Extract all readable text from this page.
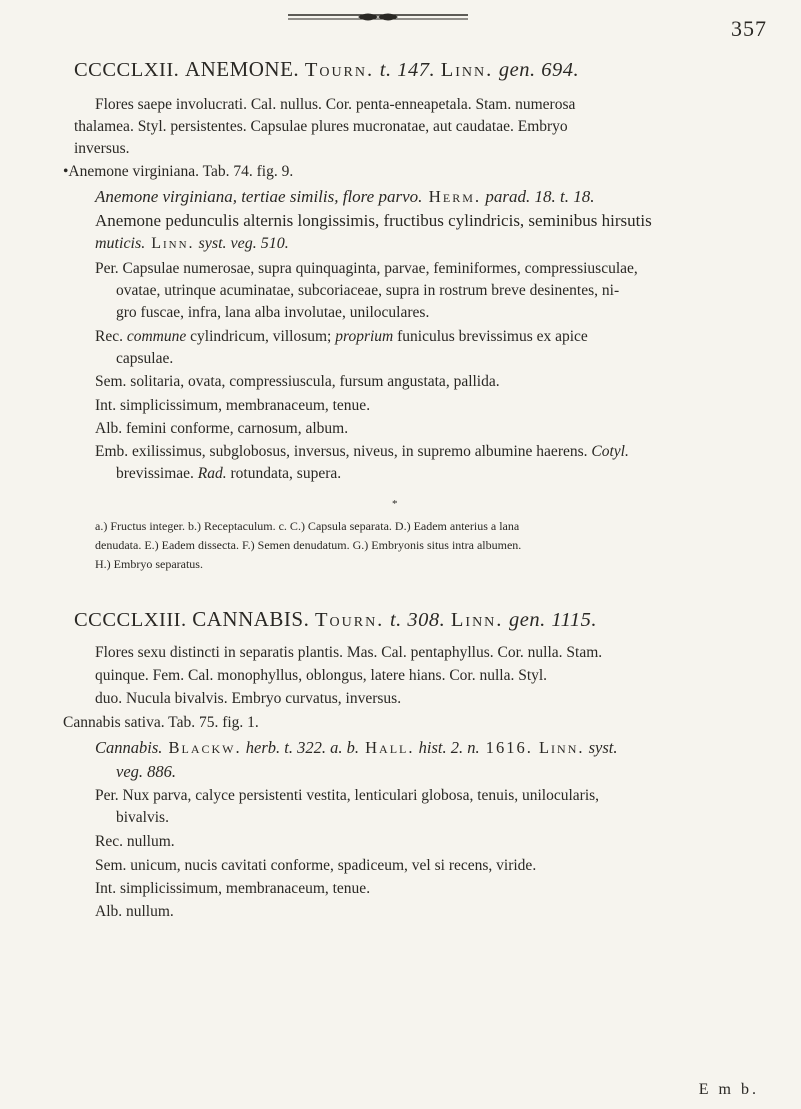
357
CCCCLXII. ANEMONE. Tourn. t. 147. Linn. gen. 694.
Flores saepe involucrati. Cal. nullus. Cor. penta-enneapetala. Stam. numerosa
thalamea. Styl. persistentes. Capsulae plures mucronatae, aut caudatae. Embryo
inversus.
•Anemone virginiana. Tab. 74. fig. 9.
Anemone virginiana, tertiae similis, flore parvo. Herm. parad. 18. t. 18.
Anemone pedunculis alternis longissimis, fructibus cylindricis, seminibus hirsutis
muticis. Linn. syst. veg. 510.
Per. Capsulae numerosae, supra quinquaginta, parvae, feminiformes, compressiusculae,
ovatae, utrinque acuminatae, subcoriaceae, supra in rostrum breve desinentes, ni-
gro fuscae, infra, lana alba involutae, uniloculares.
Rec. commune cylindricum, villosum; proprium funiculus brevissimus ex apice
capsulae.
Sem. solitaria, ovata, compressiuscula, fursum angustata, pallida.
Int. simplicissimum, membranaceum, tenue.
Alb. femini conforme, carnosum, album.
Emb. exilissimus, subglobosus, inversus, niveus, in supremo albumine haerens. Cotyl.
brevissimae. Rad. rotundata, supera.
*
a.) Fructus integer. b.) Receptaculum. c. C.) Capsula separata. D.) Eadem anterius a lana
denudata. E.) Eadem dissecta. F.) Semen denudatum. G.) Embryonis situs intra albumen.
H.) Embryo separatus.
CCCCLXIII. CANNABIS. Tourn. t. 308. Linn. gen. 1115.
Flores sexu distincti in separatis plantis. Mas. Cal. pentaphyllus. Cor. nulla. Stam.
quinque. Fem. Cal. monophyllus, oblongus, latere hians. Cor. nulla. Styl.
duo. Nucula bivalvis. Embryo curvatus, inversus.
Cannabis sativa. Tab. 75. fig. 1.
Cannabis. Blackw. herb. t. 322. a. b. Hall. hist. 2. n. 1616. Linn. syst.
veg. 886.
Per. Nux parva, calyce persistenti vestita, lenticulari globosa, tenuis, unilocularis,
bivalvis.
Rec. nullum.
Sem. unicum, nucis cavitati conforme, spadiceum, vel si recens, viride.
Int. simplicissimum, membranaceum, tenue.
Alb. nullum.
E m b.
